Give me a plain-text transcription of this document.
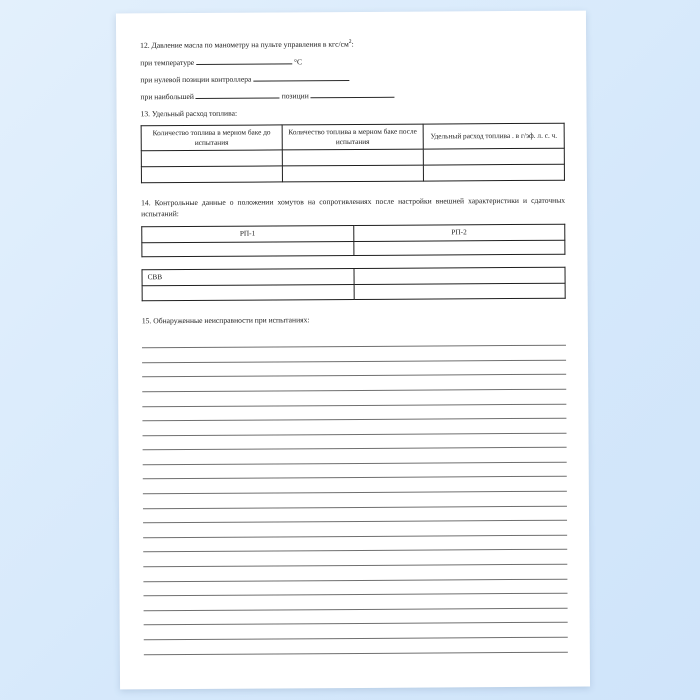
12. Давление масла по манометру на пульте управления в кгс/$см^2$:

при температуре	°С

при нулевой позиции контроллера

при наибольшей	позиции

13. Удельный расход топлива:

Количество топлива в мерном баке до испытания	Количество топлива в мерном баке после испытания	Удельный расход топлива . в г/эф. л. с. ч.

14. Контрольные данные о положении хомутов на сопротивлениях после настройки внешней характеристики и сдаточных испытаний:

РП-1	РП-2

СВВ	

15. Обнаруженные неисправности при испытаниях:
